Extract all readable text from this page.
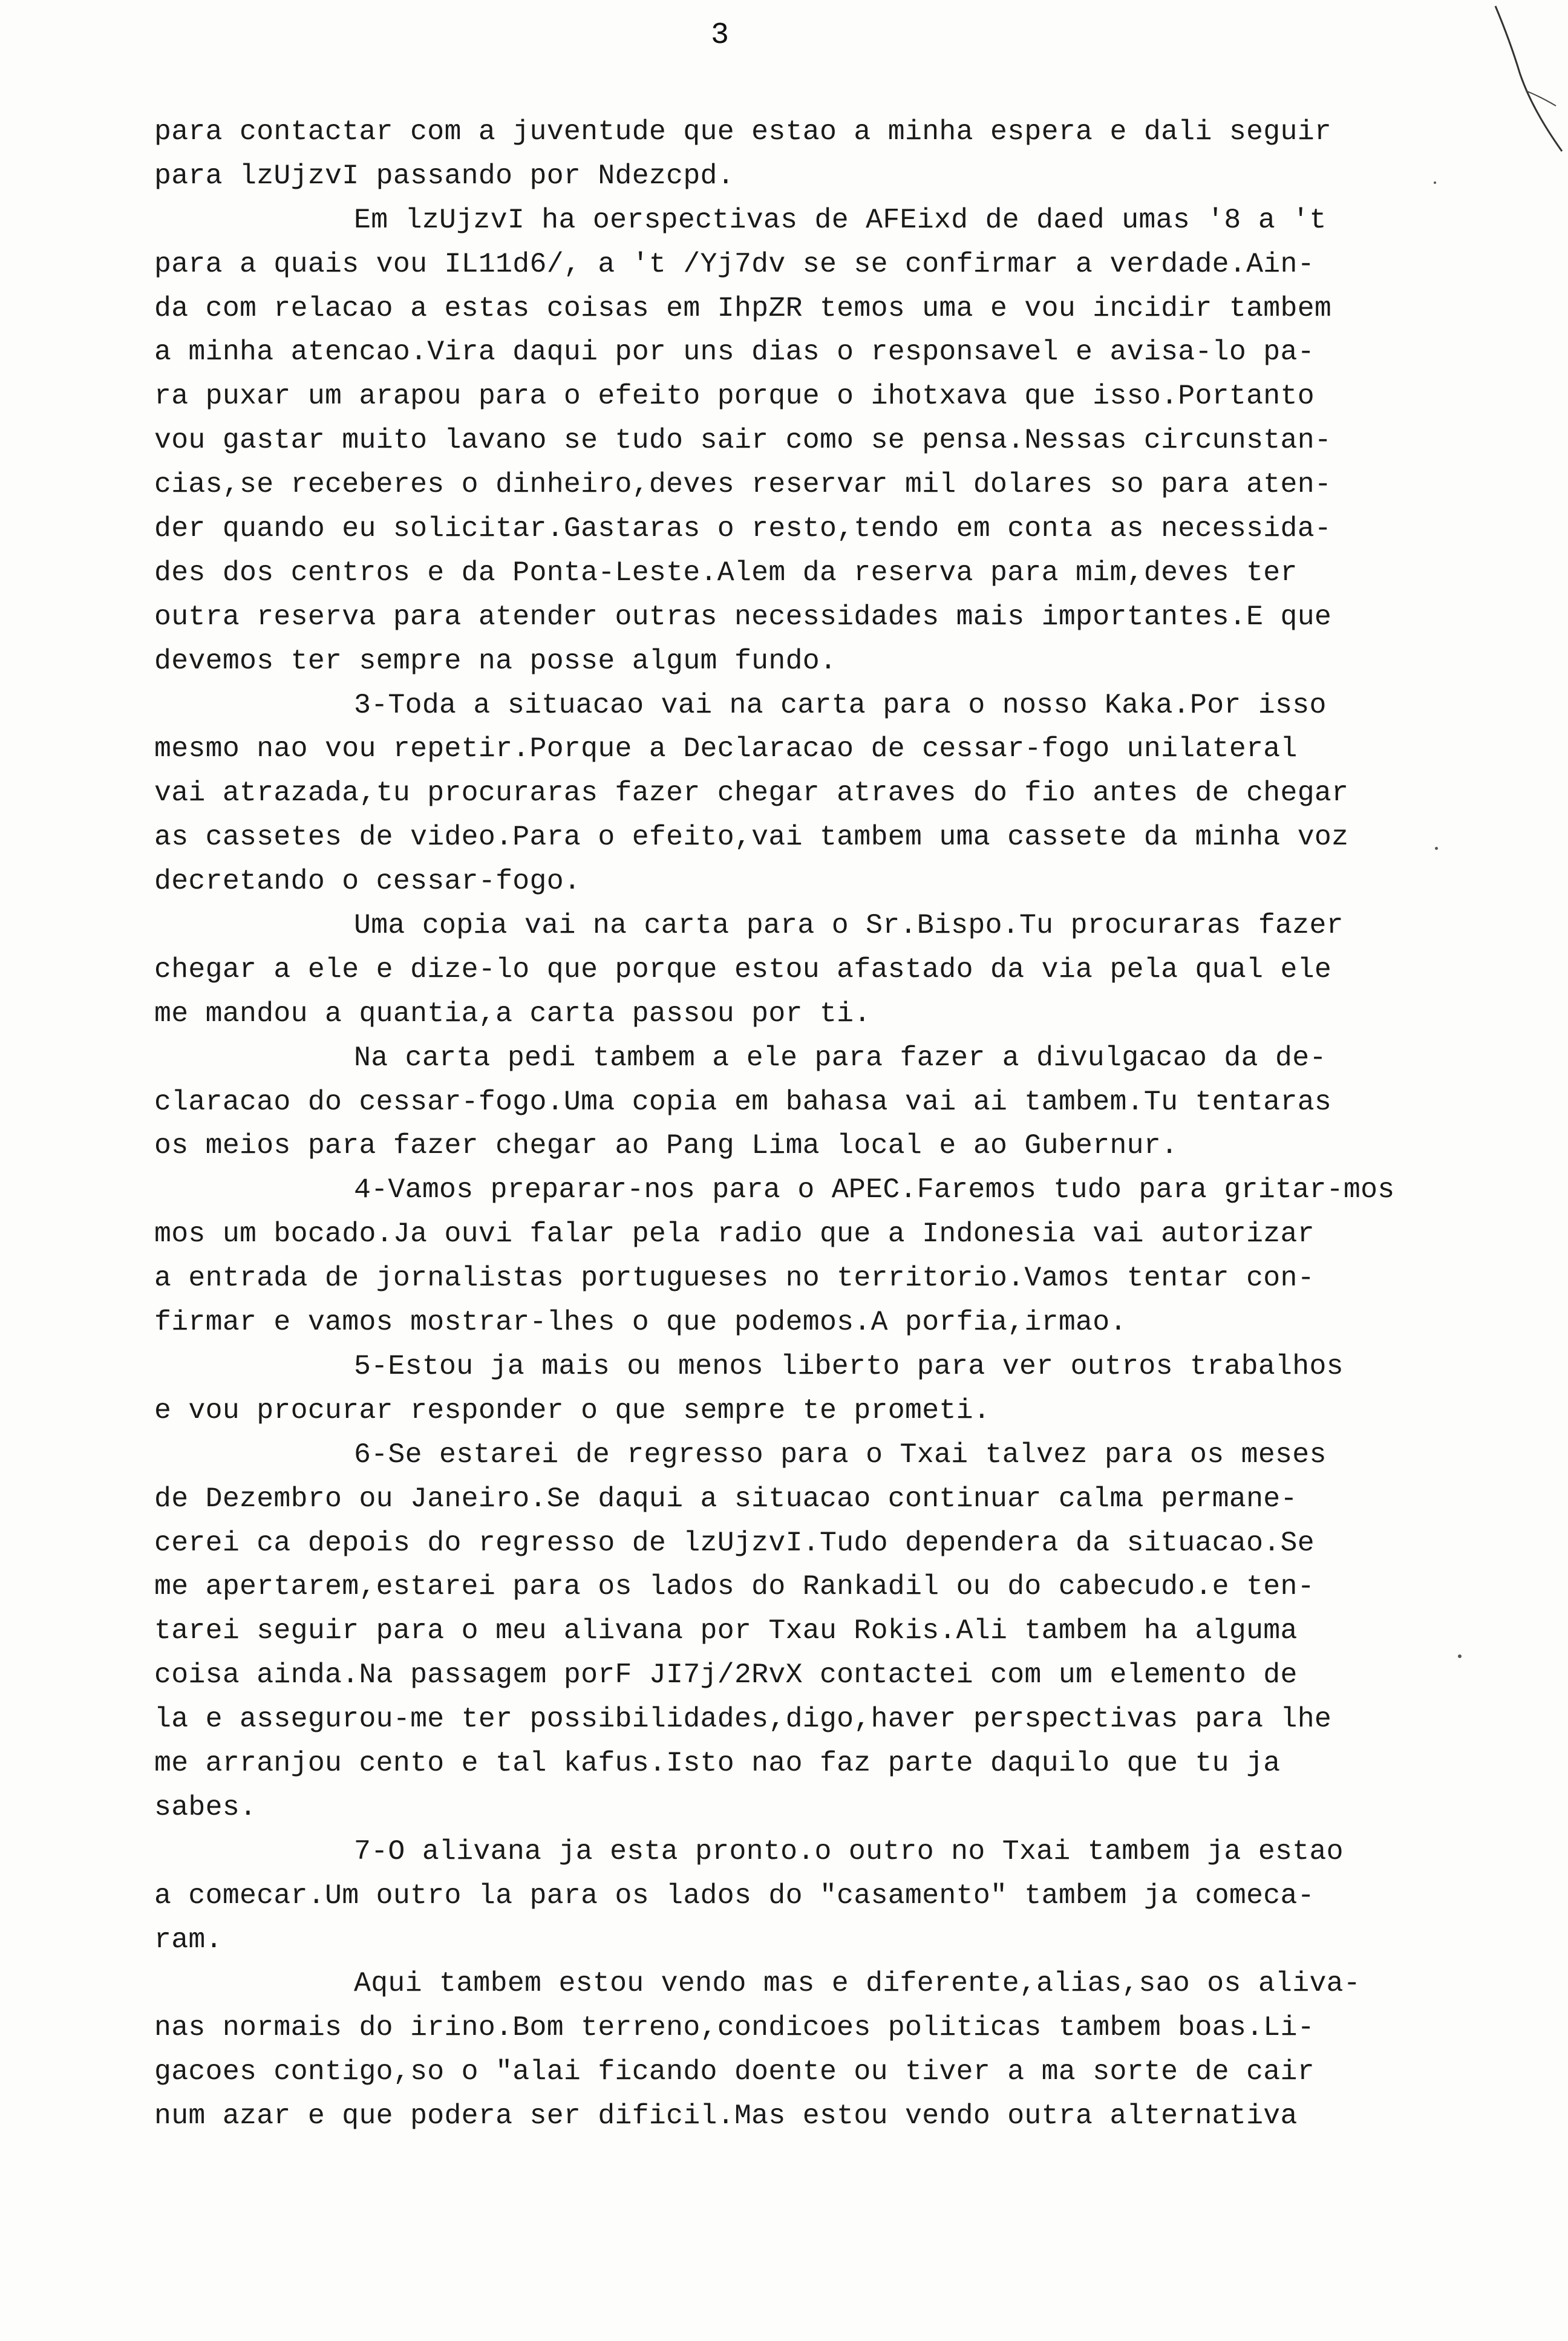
3
para contactar com a juventude que estao a minha espera e dali seguir
para lzUjzvI passando por Ndezcpd.
Em lzUjzvI ha oerspectivas de AFEixd de daed umas '8 a 't
para a quais vou IL11d6/, a 't /Yj7dv se se confirmar a verdade.Ain-
da com relacao a estas coisas em IhpZR temos uma e vou incidir tambem
a minha atencao.Vira daqui por uns dias o responsavel e avisa-lo pa-
ra puxar um arapou para o efeito porque o ihotxava que isso.Portanto
vou gastar muito lavano se tudo sair como se pensa.Nessas circunstan-
cias,se receberes o dinheiro,deves reservar mil dolares so para aten-
der quando eu solicitar.Gastaras o resto,tendo em conta as necessida-
des dos centros e da Ponta-Leste.Alem da reserva para mim,deves ter
outra reserva para atender outras necessidades mais importantes.E que
devemos ter sempre na posse algum fundo.
3-Toda a situacao vai na carta para o nosso Kaka.Por isso
mesmo nao vou repetir.Porque a Declaracao de cessar-fogo unilateral
vai atrazada,tu procuraras fazer chegar atraves do fio antes de chegar
as cassetes de video.Para o efeito,vai tambem uma cassete da minha voz
decretando o cessar-fogo.
Uma copia vai na carta para o Sr.Bispo.Tu procuraras fazer
chegar a ele e dize-lo que porque estou afastado da via pela qual ele
me mandou a quantia,a carta passou por ti.
Na carta pedi tambem a ele para fazer a divulgacao da de-
claracao do cessar-fogo.Uma copia em bahasa vai ai tambem.Tu tentaras
os meios para fazer chegar ao Pang Lima local e ao Gubernur.
4-Vamos preparar-nos para o APEC.Faremos tudo para gritar-mos
mos um bocado.Ja ouvi falar pela radio que a Indonesia vai autorizar
a entrada de jornalistas portugueses no territorio.Vamos tentar con-
firmar e vamos mostrar-lhes o que podemos.A porfia,irmao.
5-Estou ja mais ou menos liberto para ver outros trabalhos
e vou procurar responder o que sempre te prometi.
6-Se estarei de regresso para o Txai talvez para os meses
de Dezembro ou Janeiro.Se daqui a situacao continuar calma permane-
cerei ca depois do regresso de lzUjzvI.Tudo dependera da situacao.Se
me apertarem,estarei para os lados do Rankadil ou do cabecudo.e ten-
tarei seguir para o meu alivana por Txau Rokis.Ali tambem ha alguma
coisa ainda.Na passagem porF JI7j/2RvX contactei com um elemento de
la e assegurou-me ter possibilidades,digo,haver perspectivas para lhe
me arranjou cento e tal kafus.Isto nao faz parte daquilo que tu ja
sabes.
7-O alivana ja esta pronto.o outro no Txai tambem ja estao
a comecar.Um outro la para os lados do "casamento" tambem ja comeca-
ram.
Aqui tambem estou vendo mas e diferente,alias,sao os aliva-
nas normais do irino.Bom terreno,condicoes politicas tambem boas.Li-
gacoes contigo,so o "alai ficando doente ou tiver a ma sorte de cair
num azar e que podera ser dificil.Mas estou vendo outra alternativa
